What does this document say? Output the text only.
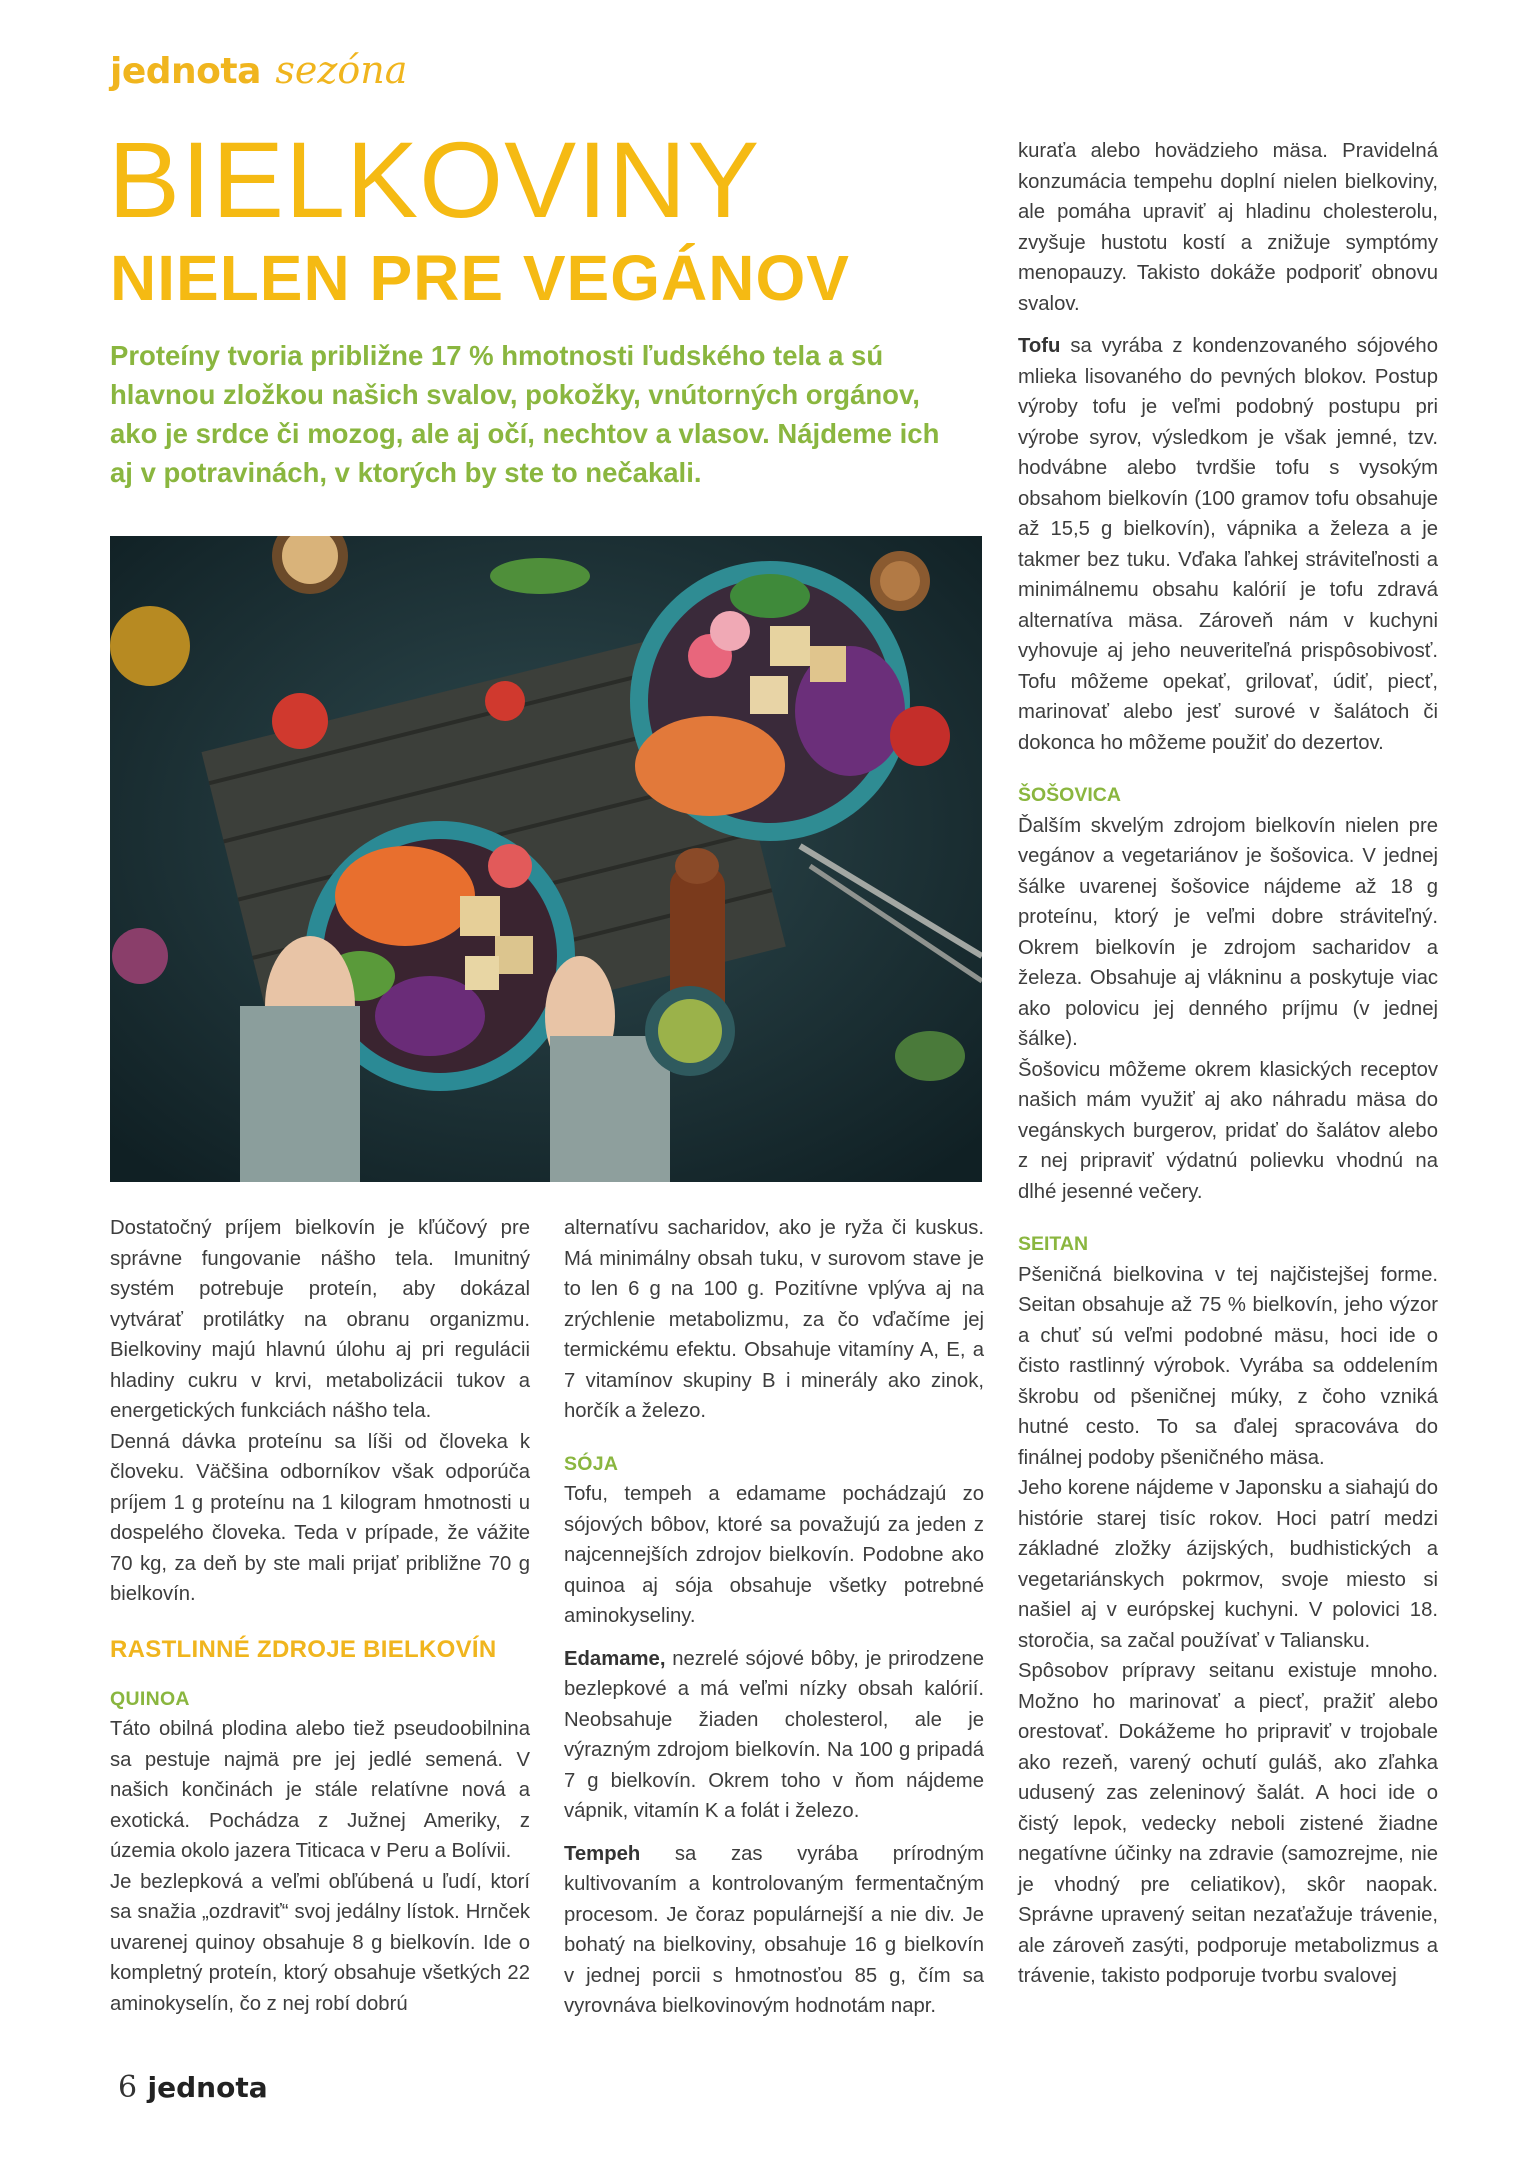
jednota sezóna
BIELKOVINY
NIELEN PRE VEGÁNOV

Proteíny tvoria približne 17 % hmotnosti ľudského tela a sú hlavnou zložkou našich svalov, pokožky, vnútorných orgánov, ako je srdce či mozog, ale aj očí, nechtov a vlasov. Nájdeme ich aj v potravinách, v ktorých by ste to nečakali.

Dostatočný príjem bielkovín je kľúčový pre správne fungovanie nášho tela. Imunitný systém potrebuje proteín, aby dokázal vytvárať protilátky na obranu organizmu. Bielkoviny majú hlavnú úlohu aj pri regulácii hladiny cukru v krvi, metabolizácii tukov a energetických funkciách nášho tela.

Denná dávka proteínu sa líši od človeka k človeku. Väčšina odborníkov však odporúča príjem 1 g proteínu na 1 kilogram hmotnosti u dospelého človeka. Teda v prípade, že vážite 70 kg, za deň by ste mali prijať približne 70 g bielkovín.

RASTLINNÉ ZDROJE BIELKOVÍN
QUINOA

Táto obilná plodina alebo tiež pseudoobilnina sa pestuje najmä pre jej jedlé semená. V našich končinách je stále relatívne nová a exotická. Pochádza z Južnej Ameriky, z územia okolo jazera Titicaca v Peru a Bolívii.

Je bezlepková a veľmi obľúbená u ľudí, ktorí sa snažia „ozdraviť“ svoj jedálny lístok. Hrnček uvarenej quinoy obsahuje 8 g bielkovín. Ide o kompletný proteín, ktorý obsahuje všetkých 22 aminokyselín, čo z nej robí dobrú

alternatívu sacharidov, ako je ryža či kuskus. Má minimálny obsah tuku, v surovom stave je to len 6 g na 100 g. Pozitívne vplýva aj na zrýchlenie metabolizmu, za čo vďačíme jej termickému efektu. Obsahuje vitamíny A, E, a 7 vitamínov skupiny B i minerály ako zinok, horčík a železo.

SÓJA

Tofu, tempeh a edamame pochádzajú zo sójových bôbov, ktoré sa považujú za jeden z najcennejších zdrojov bielkovín. Podobne ako quinoa aj sója obsahuje všetky potrebné aminokyseliny.

Edamame, nezrelé sójové bôby, je prirodzene bezlepkové a má veľmi nízky obsah kalórií. Neobsahuje žiaden cholesterol, ale je výrazným zdrojom bielkovín. Na 100 g pripadá 7 g bielkovín. Okrem toho v ňom nájdeme vápnik, vitamín K a folát i železo.

Tempeh sa zas vyrába prírodným kultivovaním a kontrolovaným fermentačným procesom. Je čoraz populárnejší a nie div. Je bohatý na bielkoviny, obsahuje 16 g bielkovín v jednej porcii s hmotnosťou 85 g, čím sa vyrovnáva bielkovinovým hodnotám napr.

kuraťa alebo hovädzieho mäsa. Pravidelná konzumácia tempehu doplní nielen bielkoviny, ale pomáha upraviť aj hladinu cholesterolu, zvyšuje hustotu kostí a znižuje symptómy menopauzy. Takisto dokáže podporiť obnovu svalov.

Tofu sa vyrába z kondenzovaného sójového mlieka lisovaného do pevných blokov. Postup výroby tofu je veľmi podobný postupu pri výrobe syrov, výsledkom je však jemné, tzv. hodvábne alebo tvrdšie tofu s vysokým obsahom bielkovín (100 gramov tofu obsahuje až 15,5 g bielkovín), vápnika a železa a je takmer bez tuku. Vďaka ľahkej stráviteľnosti a minimálnemu obsahu kalórií je tofu zdravá alternatíva mäsa. Zároveň nám v kuchyni vyhovuje aj jeho neuveriteľná prispôsobivosť. Tofu môžeme opekať, grilovať, údiť, piecť, marinovať alebo jesť surové v šalátoch či dokonca ho môžeme použiť do dezertov.

ŠOŠOVICA

Ďalším skvelým zdrojom bielkovín nielen pre vegánov a vegetariánov je šošovica. V jednej šálke uvarenej šošovice nájdeme až 18 g proteínu, ktorý je veľmi dobre stráviteľný. Okrem bielkovín je zdrojom sacharidov a železa. Obsahuje aj vlákninu a poskytuje viac ako polovicu jej denného príjmu (v jednej šálke).

Šošovicu môžeme okrem klasických receptov našich mám využiť aj ako náhradu mäsa do vegánskych burgerov, pridať do šalátov alebo z nej pripraviť výdatnú polievku vhodnú na dlhé jesenné večery.

SEITAN

Pšeničná bielkovina v tej najčistejšej forme. Seitan obsahuje až 75 % bielkovín, jeho výzor a chuť sú veľmi podobné mäsu, hoci ide o čisto rastlinný výrobok. Vyrába sa oddelením škrobu od pšeničnej múky, z čoho vzniká hutné cesto. To sa ďalej spracováva do finálnej podoby pšeničného mäsa.

Jeho korene nájdeme v Japonsku a siahajú do histórie starej tisíc rokov. Hoci patrí medzi základné zložky ázijských, budhistických a vegetariánskych pokrmov, svoje miesto si našiel aj v európskej kuchyni. V polovici 18. storočia, sa začal používať v Taliansku.

Spôsobov prípravy seitanu existuje mnoho. Možno ho marinovať a piecť, pražiť alebo orestovať. Dokážeme ho pripraviť v trojobale ako rezeň, varený ochutí guláš, ako zľahka udusený zas zeleninový šalát. A hoci ide o čistý lepok, vedecky neboli zistené žiadne negatívne účinky na zdravie (samozrejme, nie je vhodný pre celiatikov), skôr naopak. Správne upravený seitan nezaťažuje trávenie, ale zároveň zasýti, podporuje metabolizmus a trávenie, takisto podporuje tvorbu svalovej

6 jednota
